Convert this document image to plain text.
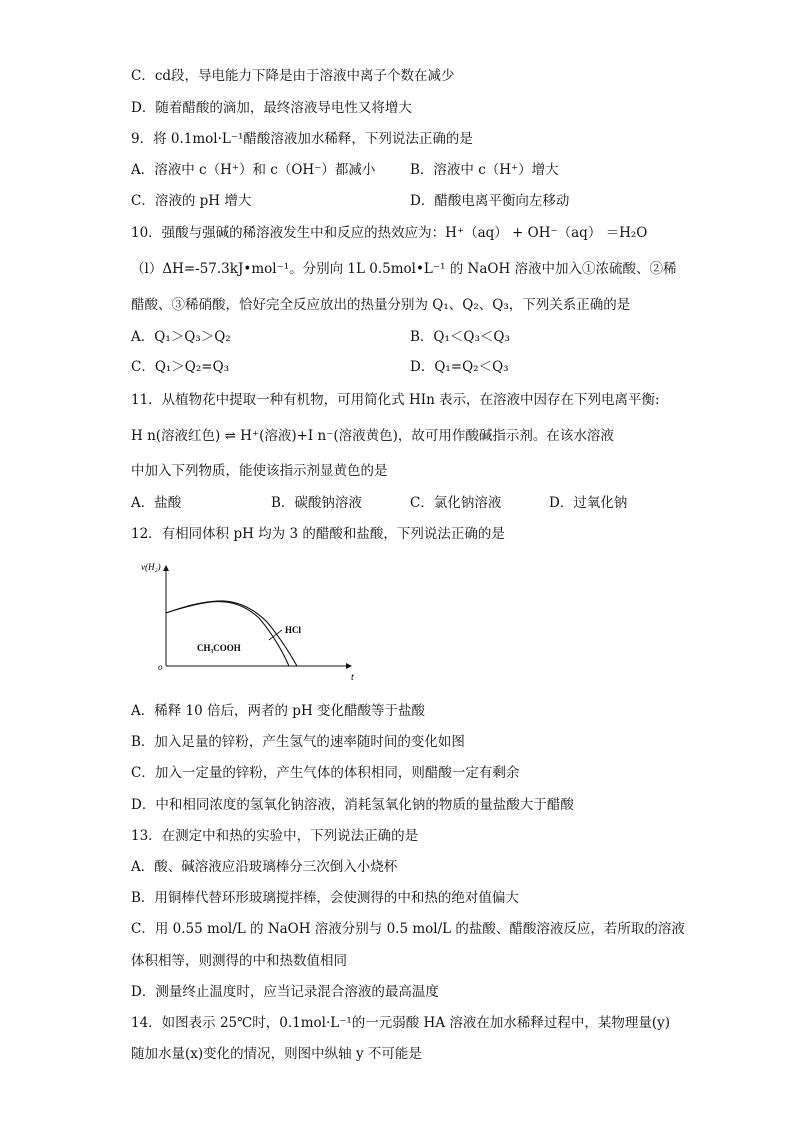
C．cd段，导电能力下降是由于溶液中离子个数在减少
D．随着醋酸的滴加，最终溶液导电性又将增大
9．将 0.1mol·L⁻¹醋酸溶液加水稀释，下列说法正确的是
A．溶液中 c（H⁺）和 c（OH⁻）都减小	B．溶液中 c（H⁺）增大
C．溶液的 pH 增大	D．醋酸电离平衡向左移动
10．强酸与强碱的稀溶液发生中和反应的热效应为：H⁺（aq） + OH⁻（aq） ＝H₂O
（l）ΔH=-57.3kJ•mol⁻¹。分别向 1L 0.5mol•L⁻¹ 的 NaOH 溶液中加入①浓硫酸、②稀
醋酸、③稀硝酸，恰好完全反应放出的热量分别为 Q₁、Q₂、Q₃，下列关系正确的是
A．Q₁＞Q₃＞Q₂	B．Q₁＜Q₃＜Q₃
C．Q₁＞Q₂=Q₃	D．Q₁=Q₂＜Q₃
11．从植物花中提取一种有机物，可用简化式 HIn 表示，在溶液中因存在下列电离平衡:
H n(溶液红色) ⇌ H⁺(溶液)+I n⁻(溶液黄色)，故可用作酸碱指示剂。在该水溶液
中加入下列物质，能使该指示剂显黄色的是
A．盐酸	B．碳酸钠溶液	C．氯化钠溶液	D．过氧化钠
12．有相同体积 pH 均为 3 的醋酸和盐酸，下列说法正确的是
v(H₂)
t
o
HCl
CH₃COOH
A．稀释 10 倍后，两者的 pH 变化醋酸等于盐酸
B．加入足量的锌粉，产生氢气的速率随时间的变化如图
C．加入一定量的锌粉，产生气体的体积相同，则醋酸一定有剩余
D．中和相同浓度的氢氧化钠溶液，消耗氢氧化钠的物质的量盐酸大于醋酸
13．在测定中和热的实验中，下列说法正确的是
A．酸、碱溶液应沿玻璃棒分三次倒入小烧杯
B．用铜棒代替环形玻璃搅拌棒，会使测得的中和热的绝对值偏大
C．用 0.55 mol/L 的 NaOH 溶液分别与 0.5 mol/L 的盐酸、醋酸溶液反应，若所取的溶液
体积相等，则测得的中和热数值相同
D．测量终止温度时，应当记录混合溶液的最高温度
14．如图表示 25℃时，0.1mol·L⁻¹的一元弱酸 HA 溶液在加水稀释过程中，某物理量(y)
随加水量(x)变化的情况，则图中纵轴 y 不可能是
